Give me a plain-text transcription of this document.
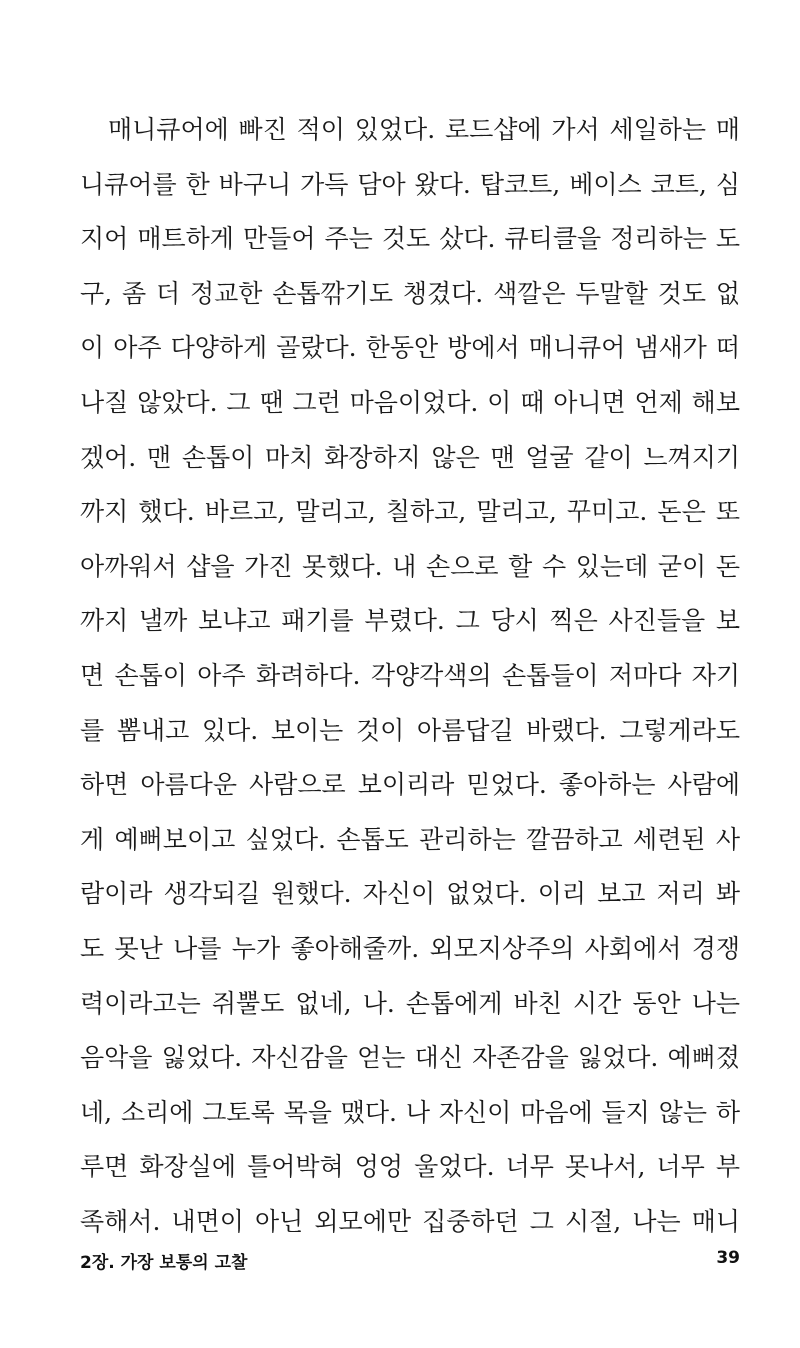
매니큐어에 빠진 적이 있었다. 로드샵에 가서 세일하는 매
니큐어를 한 바구니 가득 담아 왔다. 탑코트, 베이스 코트, 심
지어 매트하게 만들어 주는 것도 샀다. 큐티클을 정리하는 도
구, 좀 더 정교한 손톱깎기도 챙겼다. 색깔은 두말할 것도 없
이 아주 다양하게 골랐다. 한동안 방에서 매니큐어 냄새가 떠
나질 않았다. 그 땐 그런 마음이었다. 이 때 아니면 언제 해보
겠어. 맨 손톱이 마치 화장하지 않은 맨 얼굴 같이 느껴지기
까지 했다. 바르고, 말리고, 칠하고, 말리고, 꾸미고. 돈은 또
아까워서 샵을 가진 못했다. 내 손으로 할 수 있는데 굳이 돈
까지 낼까 보냐고 패기를 부렸다. 그 당시 찍은 사진들을 보
면 손톱이 아주 화려하다. 각양각색의 손톱들이 저마다 자기
를 뽐내고 있다. 보이는 것이 아름답길 바랬다. 그렇게라도
하면 아름다운 사람으로 보이리라 믿었다. 좋아하는 사람에
게 예뻐보이고 싶었다. 손톱도 관리하는 깔끔하고 세련된 사
람이라 생각되길 원했다. 자신이 없었다. 이리 보고 저리 봐
도 못난 나를 누가 좋아해줄까. 외모지상주의 사회에서 경쟁
력이라고는 쥐뿔도 없네, 나. 손톱에게 바친 시간 동안 나는
음악을 잃었다. 자신감을 얻는 대신 자존감을 잃었다. 예뻐졌
네, 소리에 그토록 목을 맸다. 나 자신이 마음에 들지 않는 하
루면 화장실에 틀어박혀 엉엉 울었다. 너무 못나서, 너무 부
족해서. 내면이 아닌 외모에만 집중하던 그 시절, 나는 매니
2장. 가장 보통의 고찰	39
